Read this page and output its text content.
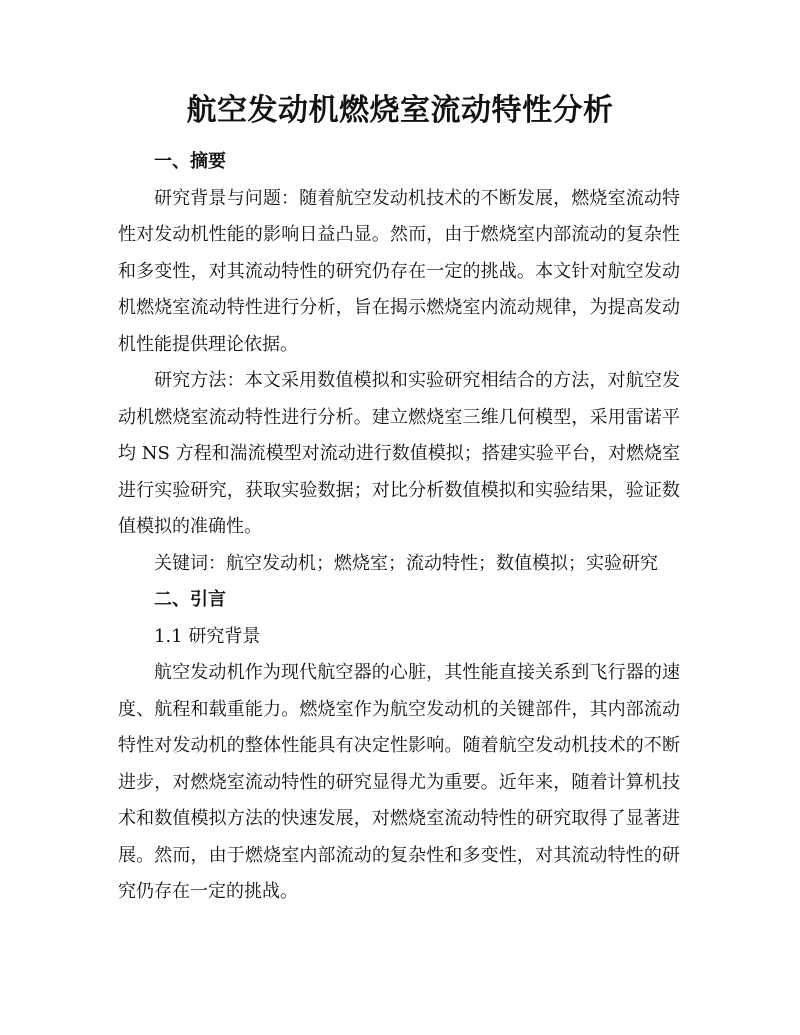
航空发动机燃烧室流动特性分析

一、摘要

研究背景与问题：随着航空发动机技术的不断发展，燃烧室流动特性对发动机性能的影响日益凸显。然而，由于燃烧室内部流动的复杂性和多变性，对其流动特性的研究仍存在一定的挑战。本文针对航空发动机燃烧室流动特性进行分析，旨在揭示燃烧室内流动规律，为提高发动机性能提供理论依据。

研究方法：本文采用数值模拟和实验研究相结合的方法，对航空发动机燃烧室流动特性进行分析。建立燃烧室三维几何模型，采用雷诺平均 NS 方程和湍流模型对流动进行数值模拟；搭建实验平台，对燃烧室进行实验研究，获取实验数据；对比分析数值模拟和实验结果，验证数值模拟的准确性。

关键词：航空发动机；燃烧室；流动特性；数值模拟；实验研究

二、引言

1.1 研究背景

航空发动机作为现代航空器的心脏，其性能直接关系到飞行器的速度、航程和载重能力。燃烧室作为航空发动机的关键部件，其内部流动特性对发动机的整体性能具有决定性影响。随着航空发动机技术的不断进步，对燃烧室流动特性的研究显得尤为重要。近年来，随着计算机技术和数值模拟方法的快速发展，对燃烧室流动特性的研究取得了显著进展。然而，由于燃烧室内部流动的复杂性和多变性，对其流动特性的研究仍存在一定的挑战。
